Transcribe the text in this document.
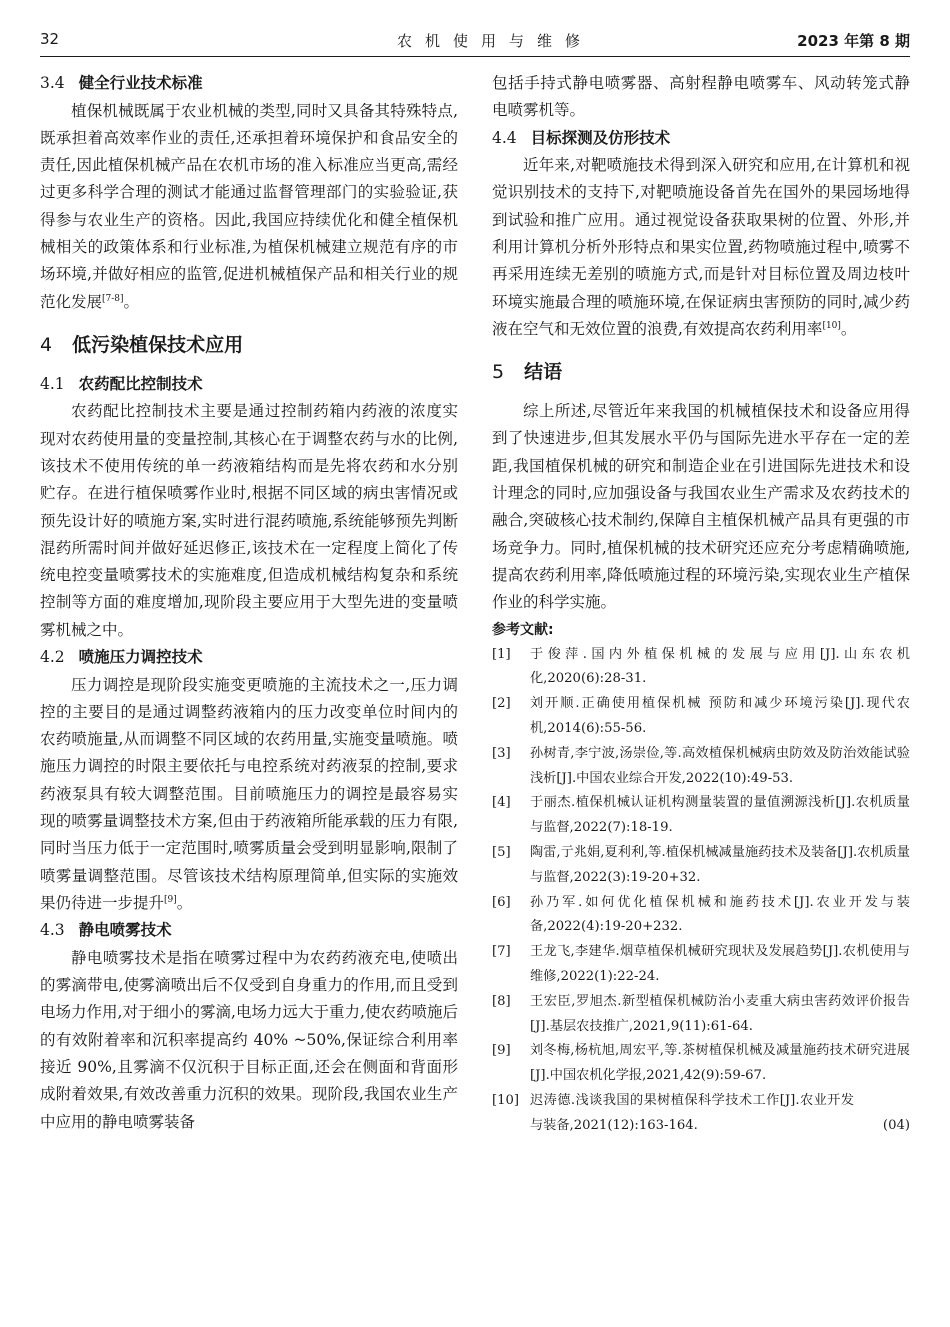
32	农机使用与维修	2023 年第 8 期

3.4 健全行业技术标准

植保机械既属于农业机械的类型,同时又具备其特殊特点,既承担着高效率作业的责任,还承担着环境保护和食品安全的责任,因此植保机械产品在农机市场的准入标准应当更高,需经过更多科学合理的测试才能通过监督管理部门的实验验证,获得参与农业生产的资格。因此,我国应持续优化和健全植保机械相关的政策体系和行业标准,为植保机械建立规范有序的市场环境,并做好相应的监管,促进机械植保产品和相关行业的规范化发展[7-8]。

4 低污染植保技术应用

4.1 农药配比控制技术

农药配比控制技术主要是通过控制药箱内药液的浓度实现对农药使用量的变量控制,其核心在于调整农药与水的比例,该技术不使用传统的单一药液箱结构而是先将农药和水分别贮存。在进行植保喷雾作业时,根据不同区域的病虫害情况或预先设计好的喷施方案,实时进行混药喷施,系统能够预先判断混药所需时间并做好延迟修正,该技术在一定程度上简化了传统电控变量喷雾技术的实施难度,但造成机械结构复杂和系统控制等方面的难度增加,现阶段主要应用于大型先进的变量喷雾机械之中。

4.2 喷施压力调控技术

压力调控是现阶段实施变更喷施的主流技术之一,压力调控的主要目的是通过调整药液箱内的压力改变单位时间内的农药喷施量,从而调整不同区域的农药用量,实施变量喷施。喷施压力调控的时限主要依托与电控系统对药液泵的控制,要求药液泵具有较大调整范围。目前喷施压力的调控是最容易实现的喷雾量调整技术方案,但由于药液箱所能承载的压力有限,同时当压力低于一定范围时,喷雾质量会受到明显影响,限制了喷雾量调整范围。尽管该技术结构原理简单,但实际的实施效果仍待进一步提升[9]。

4.3 静电喷雾技术

静电喷雾技术是指在喷雾过程中为农药药液充电,使喷出的雾滴带电,使雾滴喷出后不仅受到自身重力的作用,而且受到电场力作用,对于细小的雾滴,电场力远大于重力,使农药喷施后的有效附着率和沉积率提高约 40% ~50%,保证综合利用率接近 90%,且雾滴不仅沉积于目标正面,还会在侧面和背面形成附着效果,有效改善重力沉积的效果。现阶段,我国农业生产中应用的静电喷雾装备

包括手持式静电喷雾器、高射程静电喷雾车、风动转笼式静电喷雾机等。

4.4 目标探测及仿形技术

近年来,对靶喷施技术得到深入研究和应用,在计算机和视觉识别技术的支持下,对靶喷施设备首先在国外的果园场地得到试验和推广应用。通过视觉设备获取果树的位置、外形,并利用计算机分析外形特点和果实位置,药物喷施过程中,喷雾不再采用连续无差别的喷施方式,而是针对目标位置及周边枝叶环境实施最合理的喷施环境,在保证病虫害预防的同时,减少药液在空气和无效位置的浪费,有效提高农药利用率[10]。

5 结语

综上所述,尽管近年来我国的机械植保技术和设备应用得到了快速进步,但其发展水平仍与国际先进水平存在一定的差距,我国植保机械的研究和制造企业在引进国际先进技术和设计理念的同时,应加强设备与我国农业生产需求及农药技术的融合,突破核心技术制约,保障自主植保机械产品具有更强的市场竞争力。同时,植保机械的技术研究还应充分考虑精确喷施,提高农药利用率,降低喷施过程的环境污染,实现农业生产植保作业的科学实施。

参考文献:

[1] 于俊萍.国内外植保机械的发展与应用[J].山东农机化,2020(6):28-31.

[2] 刘开顺.正确使用植保机械 预防和减少环境污染[J].现代农机,2014(6):55-56.

[3] 孙树青,李宁波,汤崇俭,等.高效植保机械病虫防效及防治效能试验浅析[J].中国农业综合开发,2022(10):49-53.

[4] 于丽杰.植保机械认证机构测量装置的量值溯源浅析[J].农机质量与监督,2022(7):18-19.

[5] 陶雷,亍兆娟,夏利利,等.植保机械减量施药技术及装备[J].农机质量与监督,2022(3):19-20+32.

[6] 孙乃军.如何优化植保机械和施药技术[J].农业开发与装备,2022(4):19-20+232.

[7] 王龙飞,李建华.烟草植保机械研究现状及发展趋势[J].农机使用与维修,2022(1):22-24.

[8] 王宏臣,罗旭杰.新型植保机械防治小麦重大病虫害药效评价报告[J].基层农技推广,2021,9(11):61-64.

[9] 刘冬梅,杨杭旭,周宏平,等.茶树植保机械及减量施药技术研究进展[J].中国农机化学报,2021,42(9):59-67.

[10] 迟涛德.浅谈我国的果树植保科学技术工作[J].农业开发与装备,2021(12):163-164.	(04)
